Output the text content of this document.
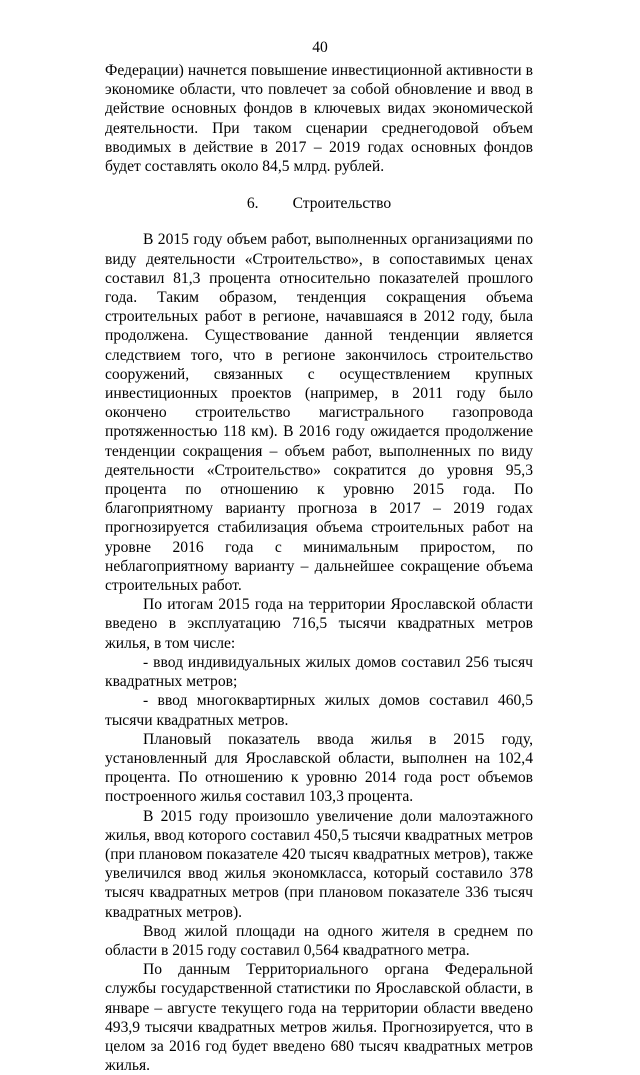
40

Федерации) начнется повышение инвестиционной активности в экономике области, что повлечет за собой обновление и ввод в действие основных фондов в ключевых видах экономической деятельности. При таком сценарии среднегодовой объем вводимых в действие в 2017 – 2019 годах основных фондов будет составлять около 84,5 млрд. рублей.

6. Строительство

В 2015 году объем работ, выполненных организациями по виду деятельности «Строительство», в сопоставимых ценах составил 81,3 процента относительно показателей прошлого года. Таким образом, тенденция сокращения объема строительных работ в регионе, начавшаяся в 2012 году, была продолжена. Существование данной тенденции является следствием того, что в регионе закончилось строительство сооружений, связанных с осуществлением крупных инвестиционных проектов (например, в 2011 году было окончено строительство магистрального газопровода протяженностью 118 км). В 2016 году ожидается продолжение тенденции сокращения – объем работ, выполненных по виду деятельности «Строительство» сократится до уровня 95,3 процента по отношению к уровню 2015 года. По благоприятному варианту прогноза в 2017 – 2019 годах прогнозируется стабилизация объема строительных работ на уровне 2016 года с минимальным приростом, по неблагоприятному варианту – дальнейшее сокращение объема строительных работ.

По итогам 2015 года на территории Ярославской области введено в эксплуатацию 716,5 тысячи квадратных метров жилья, в том числе:

- ввод индивидуальных жилых домов составил 256 тысяч квадратных метров;

- ввод многоквартирных жилых домов составил 460,5 тысячи квадратных метров.

Плановый показатель ввода жилья в 2015 году, установленный для Ярославской области, выполнен на 102,4 процента. По отношению к уровню 2014 года рост объемов построенного жилья составил 103,3 процента.

В 2015 году произошло увеличение доли малоэтажного жилья, ввод которого составил 450,5 тысячи квадратных метров (при плановом показателе 420 тысяч квадратных метров), также увеличился ввод жилья экономкласса, который составило 378 тысяч квадратных метров (при плановом показателе 336 тысяч квадратных метров).

Ввод жилой площади на одного жителя в среднем по области в 2015 году составил 0,564 квадратного метра.

По данным Территориального органа Федеральной службы государственной статистики по Ярославской области, в январе – августе текущего года на территории области введено 493,9 тысячи квадратных метров жилья. Прогнозируется, что в целом за 2016 год будет введено 680 тысяч квадратных метров жилья.
